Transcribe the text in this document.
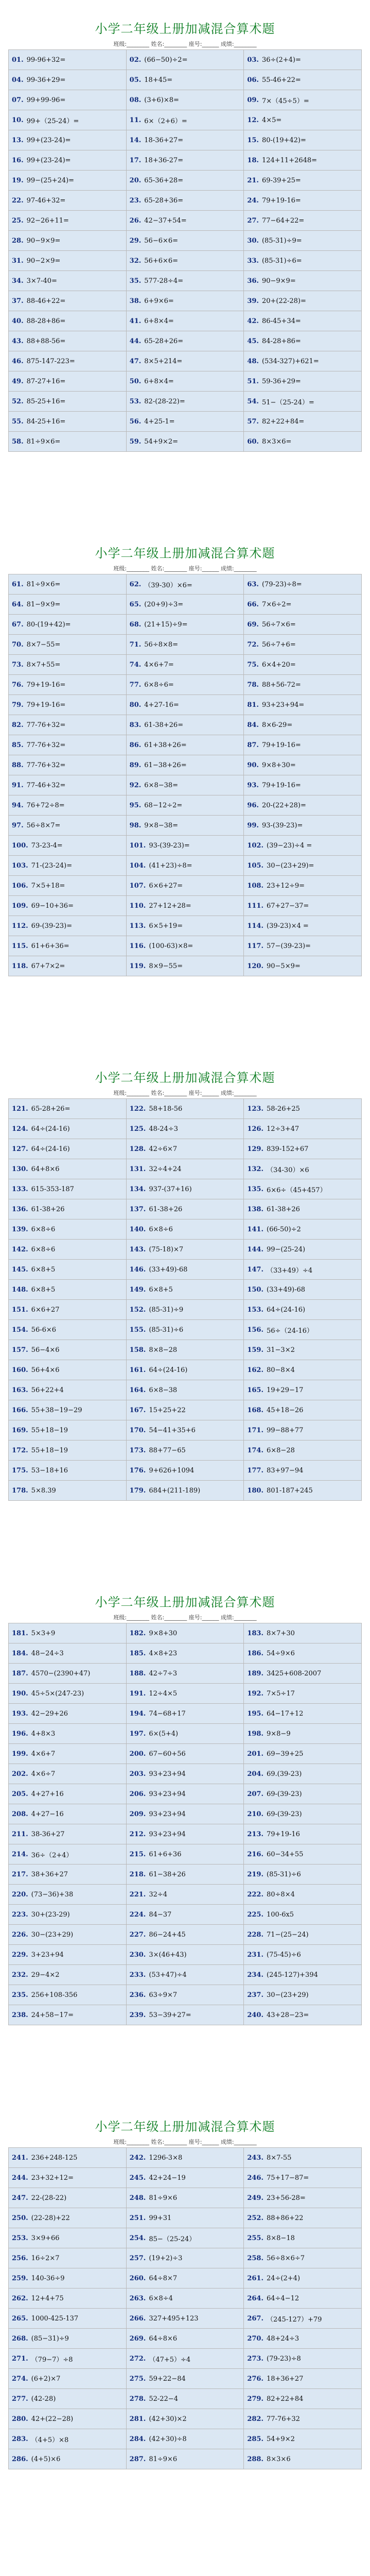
小学二年级上册加减混合算术题
班级:________ 姓名:________ 座号:______ 成绩:________
01. 99-96+32=	02. (66−50)÷2=	03. 36÷(2+4)=
04. 99-36+29=	05. 18+45=	06. 55-46+22=
07. 99+99-96=	08. (3+6)×8=	09. 7×（45÷5）=
10. 99+（25-24）=	11. 6×（2+6）=	12. 4×5=
13. 99+(23-24)=	14. 18-36+27=	15. 80-(19+42)=
16. 99+(23-24)=	17. 18+36-27=	18. 124+11+2648=
19. 99−(25+24)=	20. 65-36+28=	21. 69-39+25=
22. 97-46+32=	23. 65-28+36=	24. 79+19-16=
25. 92−26+11=	26. 42−37+54=	27. 77−64+22=
28. 90−9×9=	29. 56−6×6=	30. (85-31)÷9=
31. 90−2×9=	32. 56+6×6=	33. (85-31)÷6=
34. 3×7-40=	35. 577-28÷4=	36. 90−9×9=
37. 88-46+22=	38. 6+9×6=	39. 20+(22-28)=
40. 88-28+86=	41. 6+8×4=	42. 86-45+34=
43. 88+88-56=	44. 65-28+26=	45. 84-28+86=
46. 875-147-223=	47. 8×5+214=	48. (534-327)+621=
49. 87-27+16=	50. 6+8×4=	51. 59-36+29=
52. 85-25+16=	53. 82-(28-22)=	54. 51−（25-24）=
55. 84-25+16=	56. 4+25-1=	57. 82+22+84=
58. 81÷9×6=	59. 54+9×2=	60. 8×3×6=
小学二年级上册加减混合算术题
班级:________ 姓名:________ 座号:______ 成绩:________
61. 81÷9×6=	62. （39-30）×6=	63. (79-23)÷8=
64. 81−9×9=	65. (20+9)÷3=	66. 7×6÷2=
67. 80-(19+42)=	68. (21+15)÷9=	69. 56÷7×6=
70. 8×7−55=	71. 56÷8×8=	72. 56÷7+6=
73. 8×7+55=	74. 4×6+7=	75. 6×4+20=
76. 79+19-16=	77. 6×8÷6=	78. 88+56-72=
79. 79+19-16=	80. 4+27-16=	81. 93+23+94=
82. 77-76+32=	83. 61-38+26=	84. 8×6-29=
85. 77-76+32=	86. 61+38+26=	87. 79+19-16=
88. 77-76+32=	89. 61−38+26=	90. 9×8+30=
91. 77-46+32=	92. 6×8−38=	93. 79+19-16=
94. 76+72÷8=	95. 68−12÷2=	96. 20-(22+28)=
97. 56÷8×7=	98. 9×8−38=	99. 93-(39-23)=
100. 73-23-4=	101. 93-(39-23)=	102. (39−23)÷4 =
103. 71-(23-24)=	104. (41+23)÷8=	105. 30−(23+29)=
106. 7×5+18=	107. 6×6+27=	108. 23+12÷9=
109. 69−10+36=	110. 27+12+28=	111. 67+27−37=
112. 69-(39-23)=	113. 6×5+19=	114. (39-23)×4 =
115. 61+6+36=	116. (100-63)×8=	117. 57−(39-23)=
118. 67+7×2=	119. 8×9−55=	120. 90−5×9=
小学二年级上册加减混合算术题
班级:________ 姓名:________ 座号:______ 成绩:________
121. 65-28+26=	122. 58+18-56	123. 58-26+25
124. 64÷(24-16)	125. 48-24÷3	126. 12÷3+47
127. 64÷(24-16)	128. 42÷6×7	129. 839-152+67
130. 64+8×6	131. 32÷4+24	132. （34-30）×6
133. 615-353-187	134. 937-(37+16)	135. 6×6÷（45+457）
136. 61-38+26	137. 61-38+26	138. 61-38+26
139. 6×8÷6	140. 6×8÷6	141. (66-50)÷2
142. 6×8÷6	143. (75-18)×7	144. 99−(25-24)
145. 6×8+5	146. (33+49)-68	147. （33+49）÷4
148. 6×8+5	149. 6×8+5	150. (33+49)-68
151. 6×6+27	152. (85-31)÷9	153. 64÷(24-16)
154. 56-6×6	155. (85-31)÷6	156. 56÷（24-16）
157. 56−4×6	158. 8×8−28	159. 31−3×2
160. 56+4×6	161. 64÷(24-16)	162. 80−8×4
163. 56+22+4	164. 6×8−38	165. 19+29−17
166. 55+38−19−29	167. 15+25+22	168. 45+18−26
169. 55+18−19	170. 54−41+35+6	171. 99−88+77
172. 55+18−19	173. 88+77−65	174. 6×8−28
175. 53−18+16	176. 9+626+1094	177. 83+97−94
178. 5×8.39	179. 684+(211-189)	180. 801-187+245
小学二年级上册加减混合算术题
班级:________ 姓名:________ 座号:______ 成绩:________
181. 5×3+9	182. 9×8+30	183. 8×7+30
184. 48−24÷3	185. 4×8+23	186. 54÷9×6
187. 4570−(2390+47)	188. 42÷7÷3	189. 3425+608-2007
190. 45÷5×(247-23)	191. 12÷4×5	192. 7×5÷17
193. 42−29+26	194. 74−68+17	195. 64−17+12
196. 4+8×3	197. 6×(5+4)	198. 9×8−9
199. 4×6+7	200. 67−60+56	201. 69−39+25
202. 4×6÷7	203. 93+23+94	204. 69.(39-23)
205. 4+27+16	206. 93+23+94	207. 69-(39-23)
208. 4+27−16	209. 93+23+94	210. 69-(39-23)
211. 38-36+27	212. 93+23+94	213. 79+19-16
214. 36÷（2+4）	215. 61+6+36	216. 60−34+55
217. 38+36+27	218. 61−38+26	219. (85-31)÷6
220. (73−36)+38	221. 32÷4	222. 80÷8×4
223. 30+(23-29)	224. 84−37	225. 100-6x5
226. 30−(23+29)	227. 86−24+45	228. 71−(25−24)
229. 3+23+94	230. 3×(46+43)	231. (75-45)÷6
232. 29−4×2	233. (53+47)÷4	234. (245-127)+394
235. 256+108-356	236. 63÷9×7	237. 30−(23+29)
238. 24+58−17=	239. 53−39+27=	240. 43+28−23=
小学二年级上册加减混合算术题
班级:________ 姓名:________ 座号:______ 成绩:________
241. 236+248-125	242. 1296-3×8	243. 8×7-55
244. 23+32+12=	245. 42+24−19	246. 75+17−87=
247. 22-(28-22)	248. 81÷9×6	249. 23+56-28=
250. (22-28)+22	251. 99+31	252. 88+86+22
253. 3×9+66	254. 85−（25-24）	255. 8×8−18
256. 16÷2×7	257. (19+2)÷3	258. 56÷8×6÷7
259. 140-36÷9	260. 64÷8×7	261. 24÷(2+4)
262. 12+4+75	263. 6×8÷4	264. 64÷4−12
265. 1000-425-137	266. 327+495+123	267. （245-127）+79
268. (85−31)÷9	269. 64÷8×6	270. 48+24÷3
271. （79−7）÷8	272. （47+5）÷4	273. (79-23)÷8
274. (6+2)×7	275. 59+22−84	276. 18+36+27
277. (42-28)	278. 52-22−4	279. 82+22+84
280. 42+(22−28)	281. (42+30)×2	282. 77-76+32
283. （4+5）×8	284. (42+30)÷8	285. 54+9×2
286. (4+5)×6	287. 81÷9×6	288. 8×3×6
